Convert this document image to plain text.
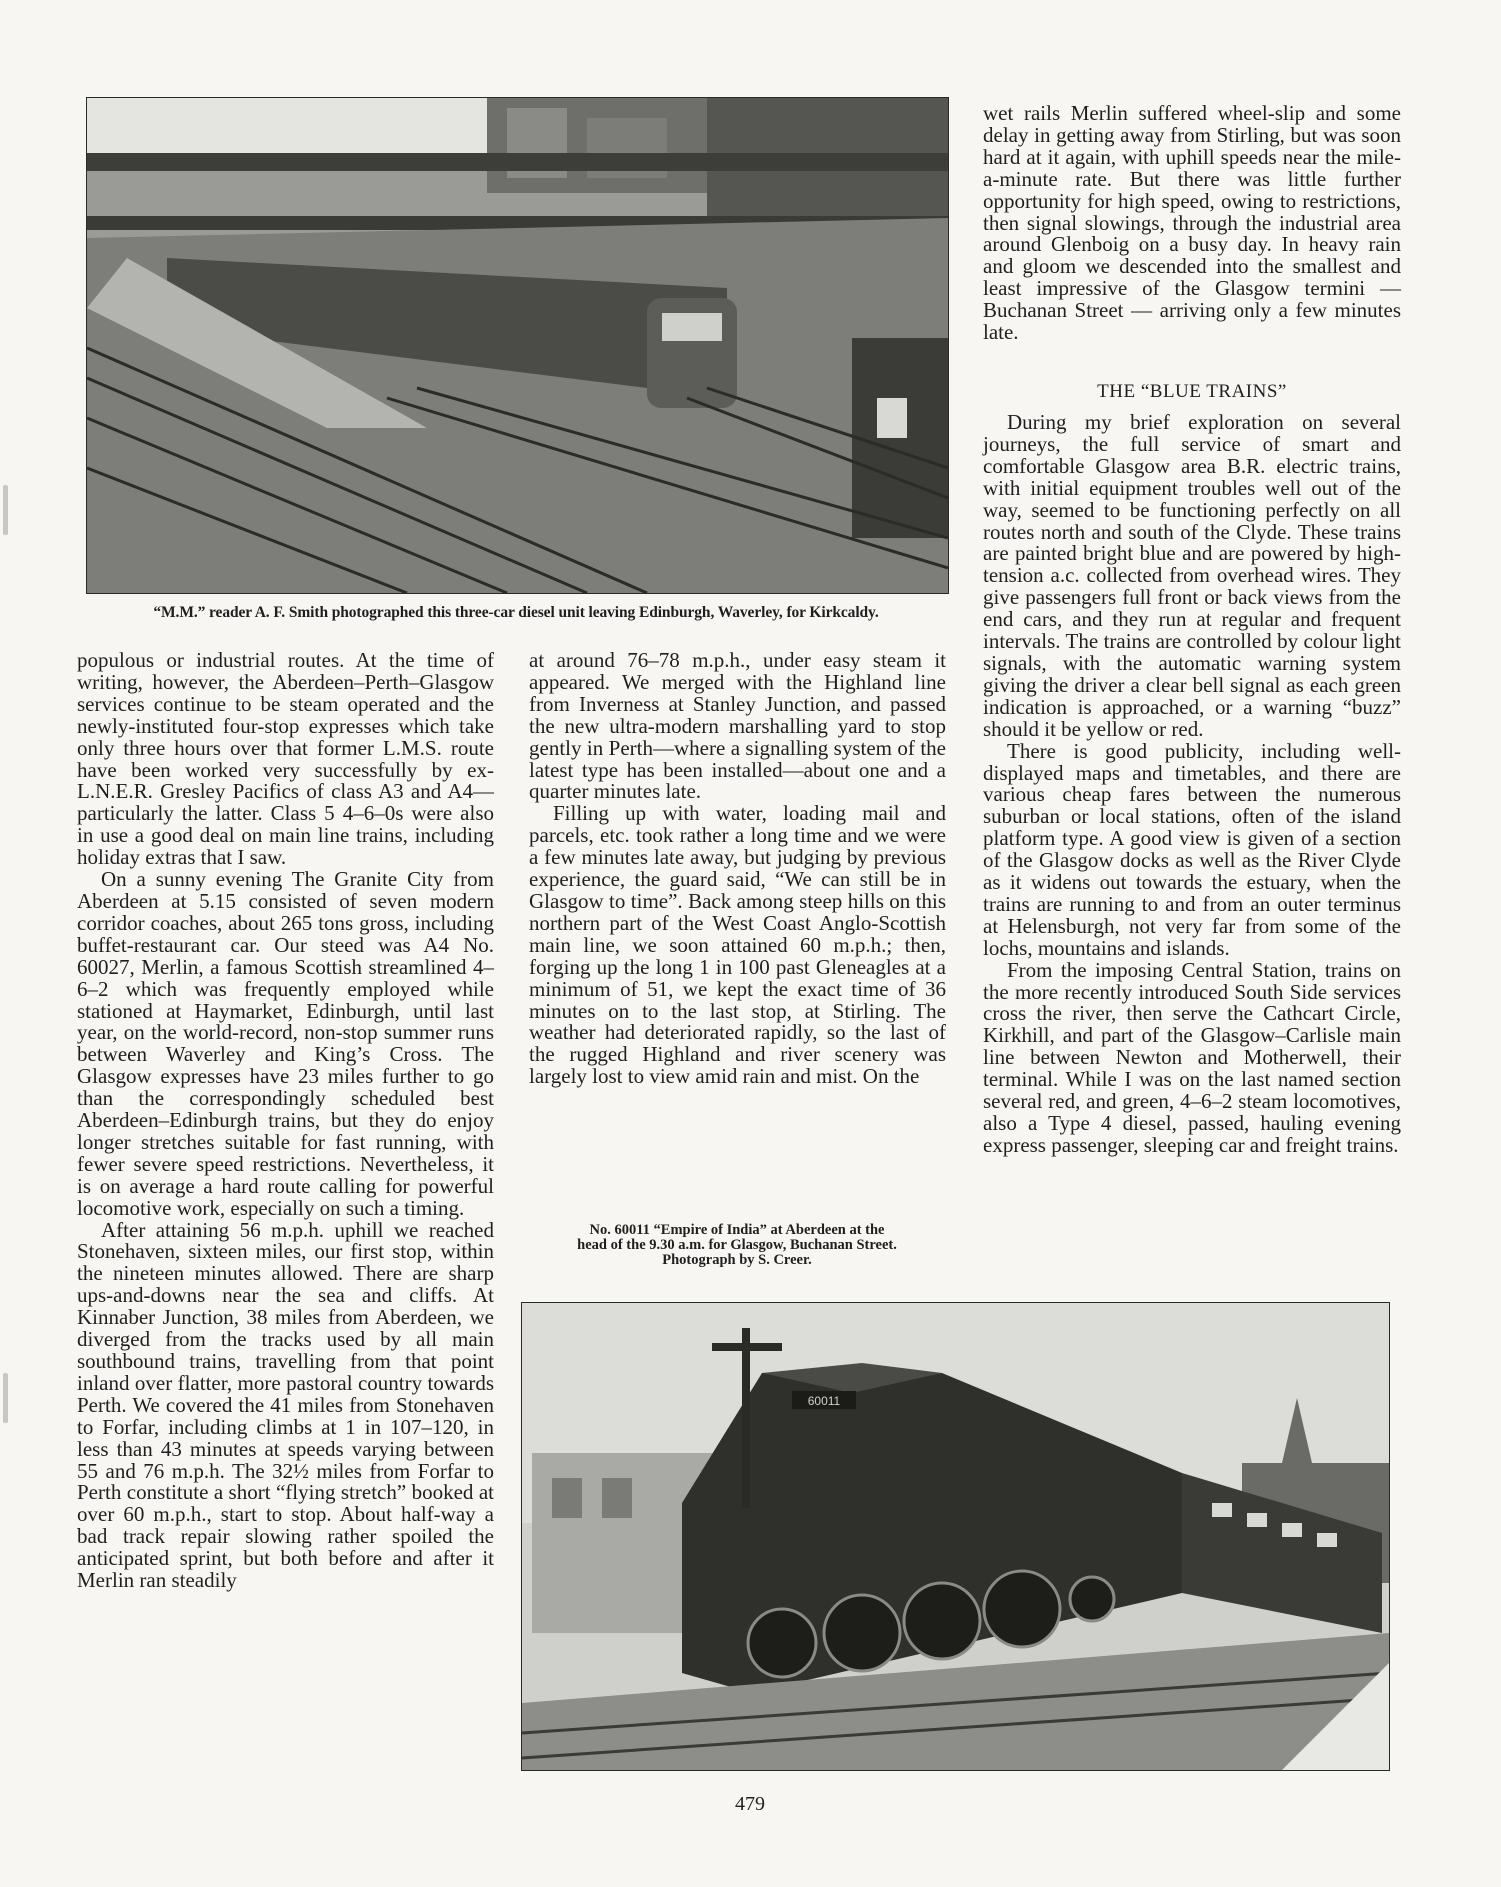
“M.M.” reader A. F. Smith photographed this three-car diesel unit leaving Edinburgh, Waverley, for Kirkcaldy.

populous or industrial routes. At the time of writing, however, the Aberdeen–Perth–Glasgow services continue to be steam operated and the newly-instituted four-stop expresses which take only three hours over that former L.M.S. route have been worked very successfully by ex-L.N.E.R. Gresley Pacifics of class A3 and A4—particularly the latter. Class 5 4–6–0s were also in use a good deal on main line trains, including holiday extras that I saw.

On a sunny evening The Granite City from Aberdeen at 5.15 consisted of seven modern corridor coaches, about 265 tons gross, including buffet-restaurant car. Our steed was A4 No. 60027, Merlin, a famous Scottish streamlined 4–6–2 which was frequently employed while stationed at Haymarket, Edinburgh, until last year, on the world-record, non-stop summer runs between Waverley and King’s Cross. The Glasgow expresses have 23 miles further to go than the correspondingly scheduled best Aberdeen–Edinburgh trains, but they do enjoy longer stretches suitable for fast running, with fewer severe speed restrictions. Nevertheless, it is on average a hard route calling for powerful locomotive work, especially on such a timing.

After attaining 56 m.p.h. uphill we reached Stonehaven, sixteen miles, our first stop, within the nineteen minutes allowed. There are sharp ups-and-downs near the sea and cliffs. At Kinnaber Junction, 38 miles from Aberdeen, we diverged from the tracks used by all main southbound trains, travelling from that point inland over flatter, more pastoral country towards Perth. We covered the 41 miles from Stonehaven to Forfar, including climbs at 1 in 107–120, in less than 43 minutes at speeds varying between 55 and 76 m.p.h. The 32½ miles from Forfar to Perth constitute a short “flying stretch” booked at over 60 m.p.h., start to stop. About half-way a bad track repair slowing rather spoiled the anticipated sprint, but both before and after it Merlin ran steadily

at around 76–78 m.p.h., under easy steam it appeared. We merged with the Highland line from Inverness at Stanley Junction, and passed the new ultra-modern marshalling yard to stop gently in Perth—where a signalling system of the latest type has been installed—about one and a quarter minutes late.

Filling up with water, loading mail and parcels, etc. took rather a long time and we were a few minutes late away, but judging by previous experience, the guard said, “We can still be in Glasgow to time”. Back among steep hills on this northern part of the West Coast Anglo-Scottish main line, we soon attained 60 m.p.h.; then, forging up the long 1 in 100 past Gleneagles at a minimum of 51, we kept the exact time of 36 minutes on to the last stop, at Stirling. The weather had deteriorated rapidly, so the last of the rugged Highland and river scenery was largely lost to view amid rain and mist. On the

No. 60011 “Empire of India” at Aberdeen at the
head of the 9.30 a.m. for Glasgow, Buchanan Street.
Photograph by S. Creer.

wet rails Merlin suffered wheel-slip and some delay in getting away from Stirling, but was soon hard at it again, with uphill speeds near the mile-a-minute rate. But there was little further opportunity for high speed, owing to restrictions, then signal slowings, through the industrial area around Glenboig on a busy day. In heavy rain and gloom we descended into the smallest and least impressive of the Glasgow termini — Buchanan Street — arriving only a few minutes late.

THE “BLUE TRAINS”

During my brief exploration on several journeys, the full service of smart and comfortable Glasgow area B.R. electric trains, with initial equipment troubles well out of the way, seemed to be functioning perfectly on all routes north and south of the Clyde. These trains are painted bright blue and are powered by high-tension a.c. collected from overhead wires. They give passengers full front or back views from the end cars, and they run at regular and frequent intervals. The trains are controlled by colour light signals, with the automatic warning system giving the driver a clear bell signal as each green indication is approached, or a warning “buzz” should it be yellow or red.

There is good publicity, including well-displayed maps and timetables, and there are various cheap fares between the numerous suburban or local stations, often of the island platform type. A good view is given of a section of the Glasgow docks as well as the River Clyde as it widens out towards the estuary, when the trains are running to and from an outer terminus at Helensburgh, not very far from some of the lochs, mountains and islands.

From the imposing Central Station, trains on the more recently introduced South Side services cross the river, then serve the Cathcart Circle, Kirkhill, and part of the Glasgow–Carlisle main line between Newton and Motherwell, their terminal. While I was on the last named section several red, and green, 4–6–2 steam locomotives, also a Type 4 diesel, passed, hauling evening express passenger, sleeping car and freight trains.

60011
479
